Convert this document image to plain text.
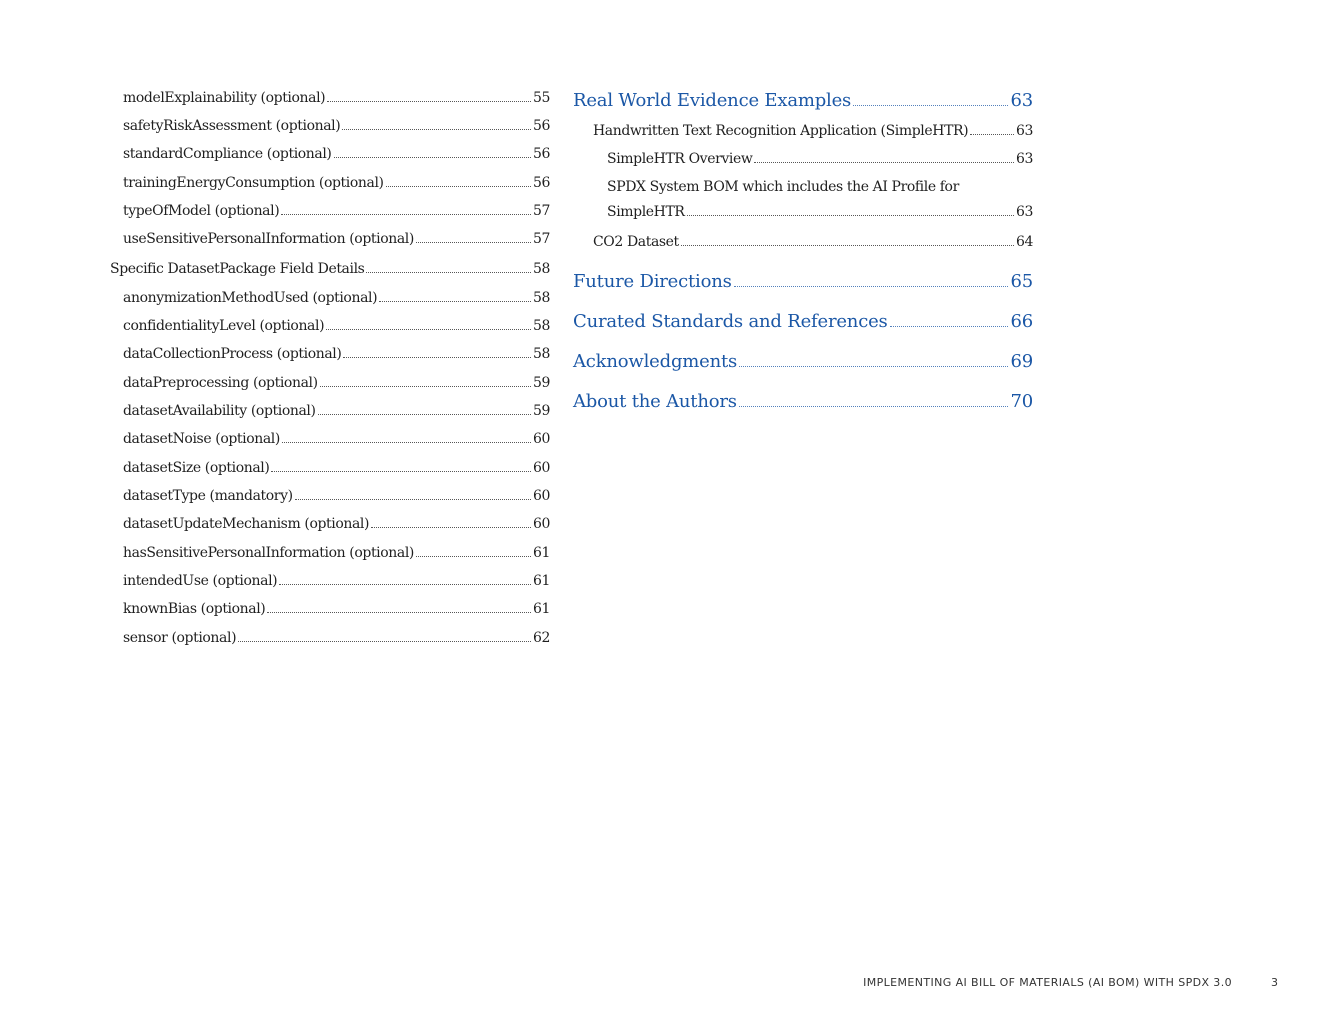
modelExplainability (optional)	55
safetyRiskAssessment (optional)	56
standardCompliance (optional)	56
trainingEnergyConsumption (optional)	56
typeOfModel (optional)	57
useSensitivePersonalInformation (optional)	57
Specific DatasetPackage Field Details	58
anonymizationMethodUsed (optional)	58
confidentialityLevel (optional)	58
dataCollectionProcess (optional)	58
dataPreprocessing (optional)	59
datasetAvailability (optional)	59
datasetNoise (optional)	60
datasetSize (optional)	60
datasetType (mandatory)	60
datasetUpdateMechanism (optional)	60
hasSensitivePersonalInformation (optional)	61
intendedUse (optional)	61
knownBias (optional)	61
sensor (optional)	62
Real World Evidence Examples	63
Handwritten Text Recognition Application (SimpleHTR)	63
SimpleHTR Overview	63
SPDX System BOM which includes the AI Profile for
SimpleHTR	63
CO2 Dataset	64
Future Directions	65
Curated Standards and References	66
Acknowledgments	69
About the Authors	70
IMPLEMENTING AI BILL OF MATERIALS (AI BOM) WITH SPDX 3.0	3
